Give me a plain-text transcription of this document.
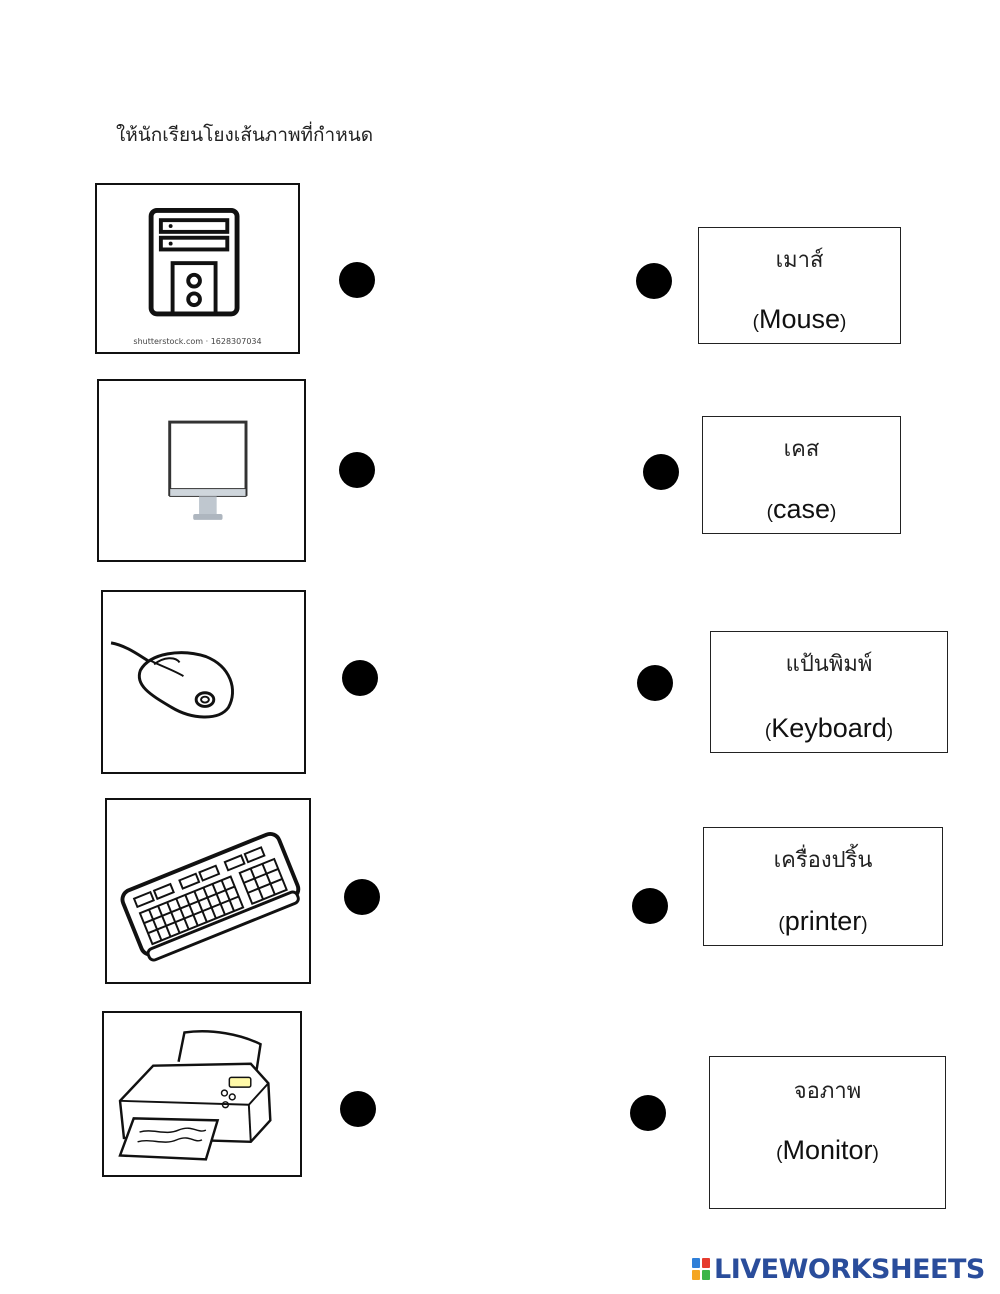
ให้นักเรียนโยงเส้นภาพที่กำหนด
shutterstock.com · 1628307034
เมาส์
(Mouse)
เคส
(case)
แป้นพิมพ์
(Keyboard)
เครื่องปริ้น
(printer)
จอภาพ
(Monitor)
LIVEWORKSHEETS
